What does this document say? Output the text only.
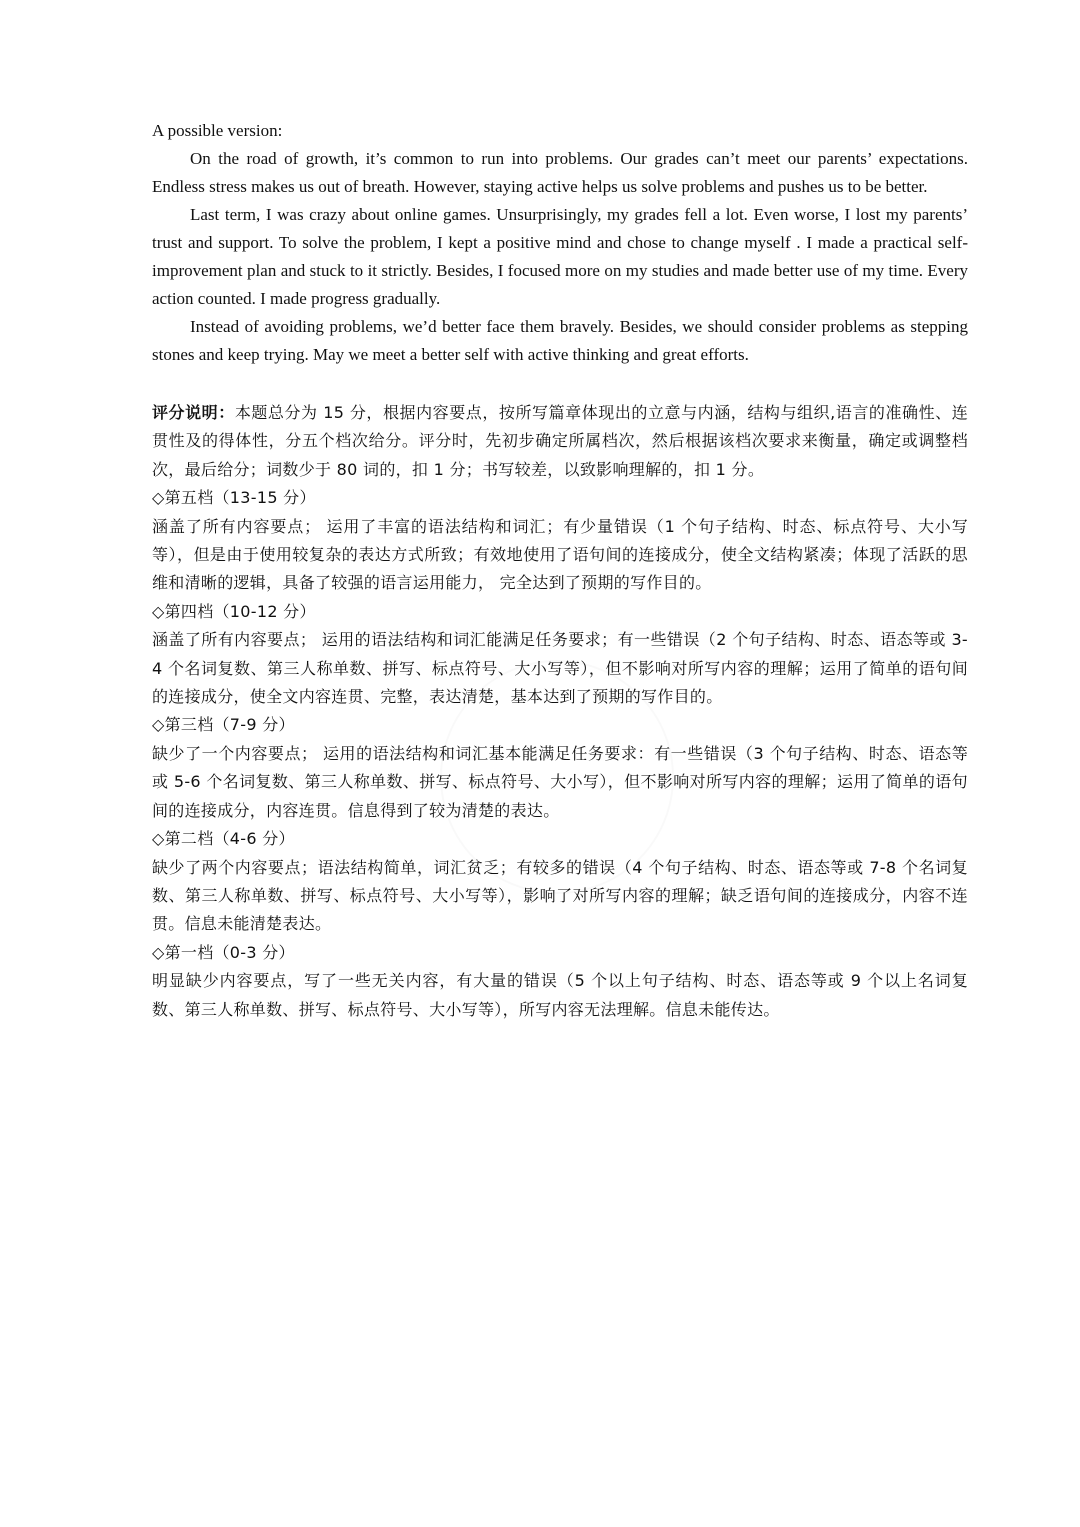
A possible version:

On the road of growth, it’s common to run into problems. Our grades can’t meet our parents’ expectations. Endless stress makes us out of breath. However, staying active helps us solve problems and pushes us to be better.

Last term, I was crazy about online games. Unsurprisingly, my grades fell a lot. Even worse, I lost my parents’ trust and support. To solve the problem, I kept a positive mind and chose to change myself . I made a practical self-improvement plan and stuck to it strictly. Besides, I focused more on my studies and made better use of my time. Every action counted. I made progress gradually.

Instead of avoiding problems, we’d better face them bravely. Besides, we should consider problems as stepping stones and keep trying. May we meet a better self with active thinking and great efforts.

评分说明：本题总分为 15 分，根据内容要点，按所写篇章体现出的立意与内涵，结构与组织,语言的准确性、连贯性及的得体性，分五个档次给分。评分时，先初步确定所属档次，然后根据该档次要求来衡量，确定或调整档次，最后给分；词数少于 80 词的，扣 1 分；书写较差，以致影响理解的，扣 1 分。

◇第五档（13-15 分）

涵盖了所有内容要点； 运用了丰富的语法结构和词汇；有少量错误（1 个句子结构、时态、标点符号、大小写等），但是由于使用较复杂的表达方式所致；有效地使用了语句间的连接成分，使全文结构紧凑；体现了活跃的思维和清晰的逻辑，具备了较强的语言运用能力， 完全达到了预期的写作目的。

◇第四档（10-12 分）

涵盖了所有内容要点； 运用的语法结构和词汇能满足任务要求；有一些错误（2 个句子结构、时态、语态等或 3-4 个名词复数、第三人称单数、拼写、标点符号、大小写等），但不影响对所写内容的理解；运用了简单的语句间的连接成分，使全文内容连贯、完整，表达清楚，基本达到了预期的写作目的。

◇第三档（7-9 分）

缺少了一个内容要点； 运用的语法结构和词汇基本能满足任务要求：有一些错误（3 个句子结构、时态、语态等或 5-6 个名词复数、第三人称单数、拼写、标点符号、大小写），但不影响对所写内容的理解；运用了简单的语句间的连接成分，内容连贯。信息得到了较为清楚的表达。

◇第二档（4-6 分）

缺少了两个内容要点；语法结构简单，词汇贫乏；有较多的错误（4 个句子结构、时态、语态等或 7-8 个名词复数、第三人称单数、拼写、标点符号、大小写等），影响了对所写内容的理解；缺乏语句间的连接成分，内容不连贯。信息未能清楚表达。

◇第一档（0-3 分）

明显缺少内容要点，写了一些无关内容，有大量的错误（5 个以上句子结构、时态、语态等或 9 个以上名词复数、第三人称单数、拼写、标点符号、大小写等），所写内容无法理解。信息未能传达。
